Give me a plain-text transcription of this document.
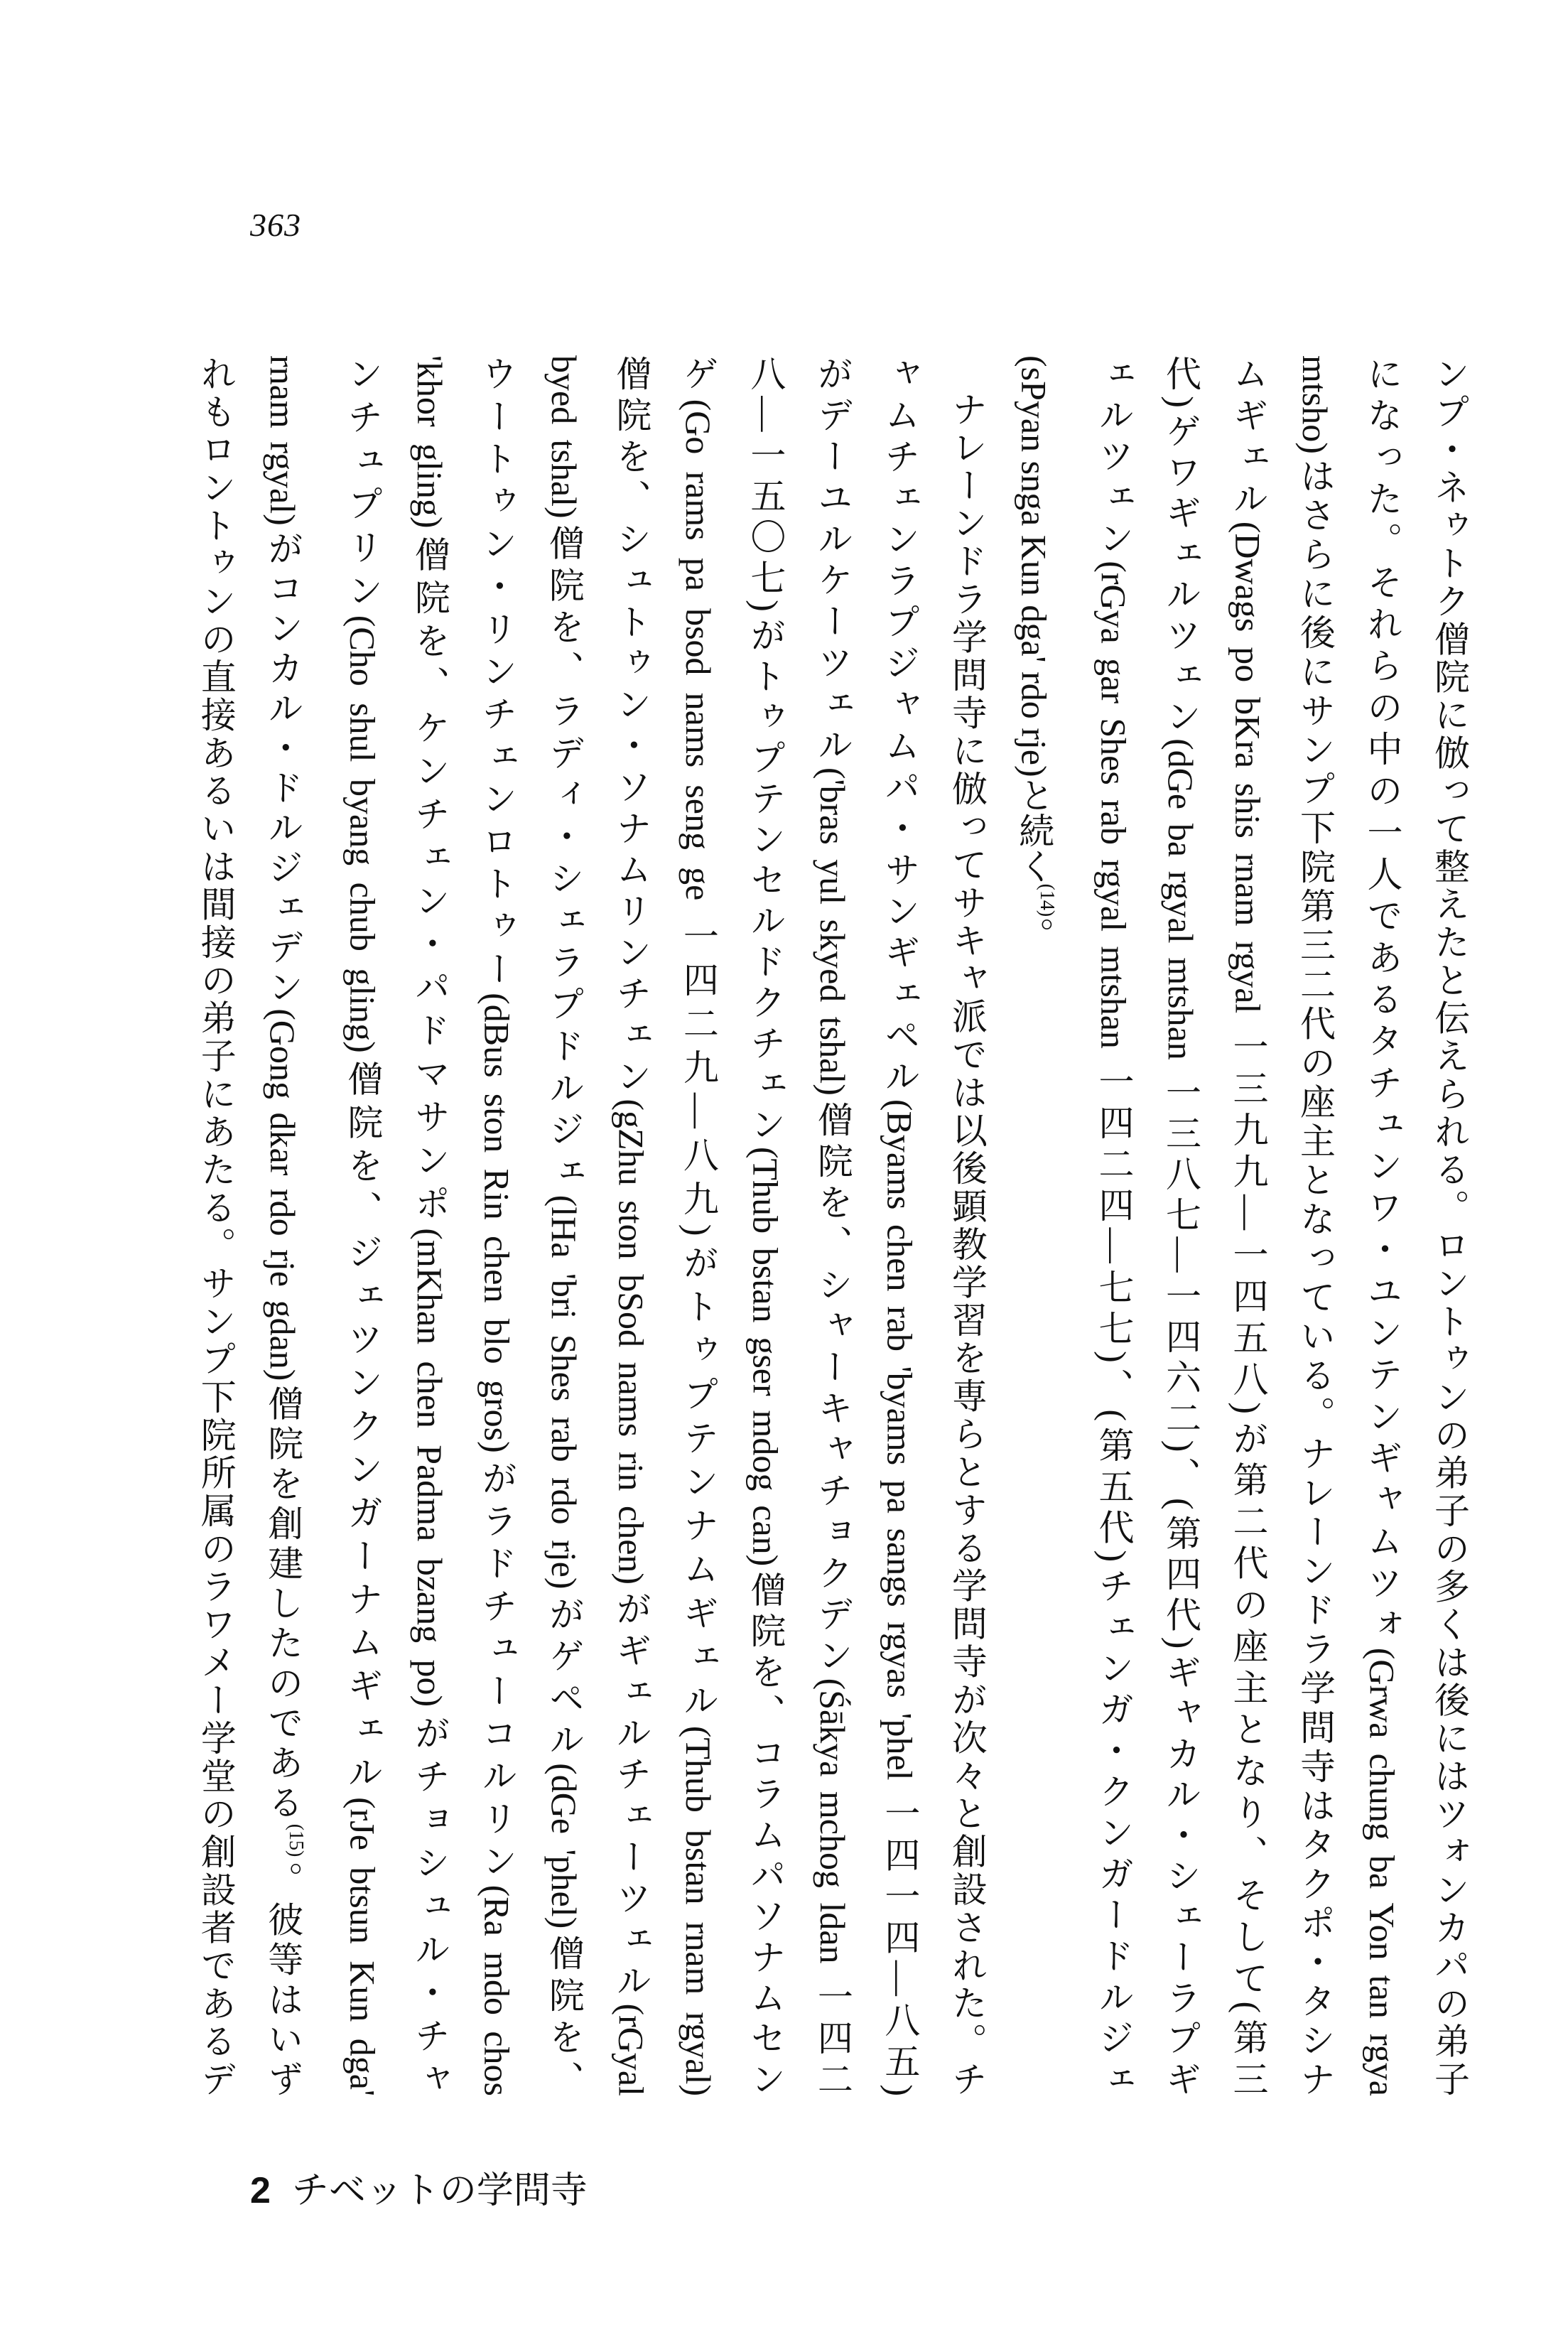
363
ンプ・ネゥトク僧院に倣って整えたと伝えられる。ロントゥンの弟子の多くは後にはツォンカパの弟子
になった。それらの中の一人であるタチュンワ・ユンテンギャムツォ(Grwa chung ba Yon tan rgya
mtsho)はさらに後にサンプ下院第三二代の座主となっている。ナレーンドラ学問寺はタクポ・タシナ
ムギェル(Dwags po bKra shis rnam rgyal 一三九九—一四五八)が第二代の座主となり、そして(第三
代)ゲワギェルツェン(dGe ba rgyal mtshan 一三八七—一四六二)、(第四代)ギャカル・シェーラプギ
ェルツェン(rGya gar Shes rab rgyal mtshan 一四二四—七七)、(第五代)チェンガ・クンガードルジェ
(sPyan snga Kun dga' rdo rje)と続く$^{(14)}$。
ナレーンドラ学問寺に倣ってサキャ派では以後顕教学習を専らとする学問寺が次々と創設された。チ
ャムチェンラプジャムパ・サンギェペル(Byams chen rab 'byams pa sangs rgyas 'phel 一四一四—八五)
がデーユルケーツェル('bras yul skyed tshal)僧院を、シャーキャチョクデン(Śākya mchog ldan 一四二
八—一五〇七)がトゥプテンセルドクチェン(Thub bstan gser mdog can)僧院を、コラムパソナムセン
ゲ(Go rams pa bsod nams seng ge 一四二九—八九)がトゥプテンナムギェル(Thub bstan rnam rgyal)
僧院を、シュトゥン・ソナムリンチェン(gZhu ston bSod nams rin chen)がギェルチェーツェル(rGyal
byed tshal)僧院を、ラディ・シェラプドルジェ(lHa 'bri Shes rab rdo rje)がゲペル(dGe 'phel)僧院を、
ウートゥン・リンチェンロトゥー(dBus ston Rin chen blo gros)がラドチューコルリン(Ra mdo chos
'khor gling)僧院を、ケンチェン・パドマサンポ(mKhan chen Padma bzang po)がチョシュル・チャ
ンチュプリン(Cho shul byang chub gling)僧院を、ジェツンクンガーナムギェル(rJe btsun Kun dga'
rnam rgyal)がコンカル・ドルジェデン(Gong dkar rdo rje gdan)僧院を創建したのである$^{(15)}$。彼等はいず
れもロントゥンの直接あるいは間接の弟子にあたる。サンプ下院所属のラワメー学堂の創設者であるデ
2 チベットの学問寺
